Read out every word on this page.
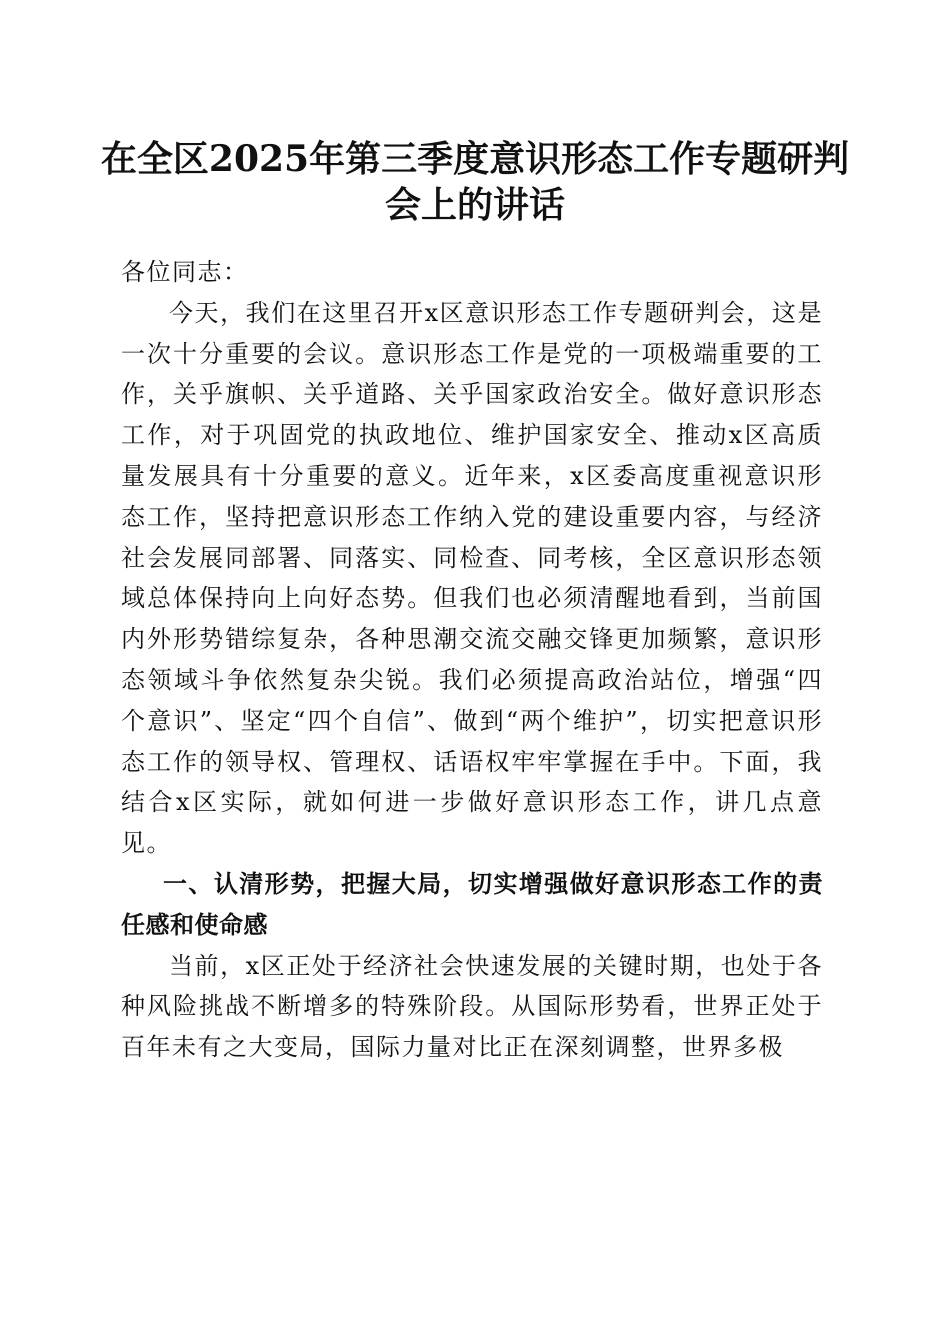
在全区2025年第三季度意识形态工作专题研判会上的讲话

各位同志：

今天，我们在这里召开x区意识形态工作专题研判会，这是一次十分重要的会议。意识形态工作是党的一项极端重要的工作，关乎旗帜、关乎道路、关乎国家政治安全。做好意识形态工作，对于巩固党的执政地位、维护国家安全、推动x区高质量发展具有十分重要的意义。近年来，x区委高度重视意识形态工作，坚持把意识形态工作纳入党的建设重要内容，与经济社会发展同部署、同落实、同检查、同考核，全区意识形态领域总体保持向上向好态势。但我们也必须清醒地看到，当前国内外形势错综复杂，各种思潮交流交融交锋更加频繁，意识形态领域斗争依然复杂尖锐。我们必须提高政治站位，增强“四个意识”、坚定“四个自信”、做到“两个维护”，切实把意识形态工作的领导权、管理权、话语权牢牢掌握在手中。下面，我结合x区实际，就如何进一步做好意识形态工作，讲几点意见。

一、认清形势，把握大局，切实增强做好意识形态工作的责任感和使命感

当前，x区正处于经济社会快速发展的关键时期，也处于各种风险挑战不断增多的特殊阶段。从国际形势看，世界正处于百年未有之大变局，国际力量对比正在深刻调整，世界多极
